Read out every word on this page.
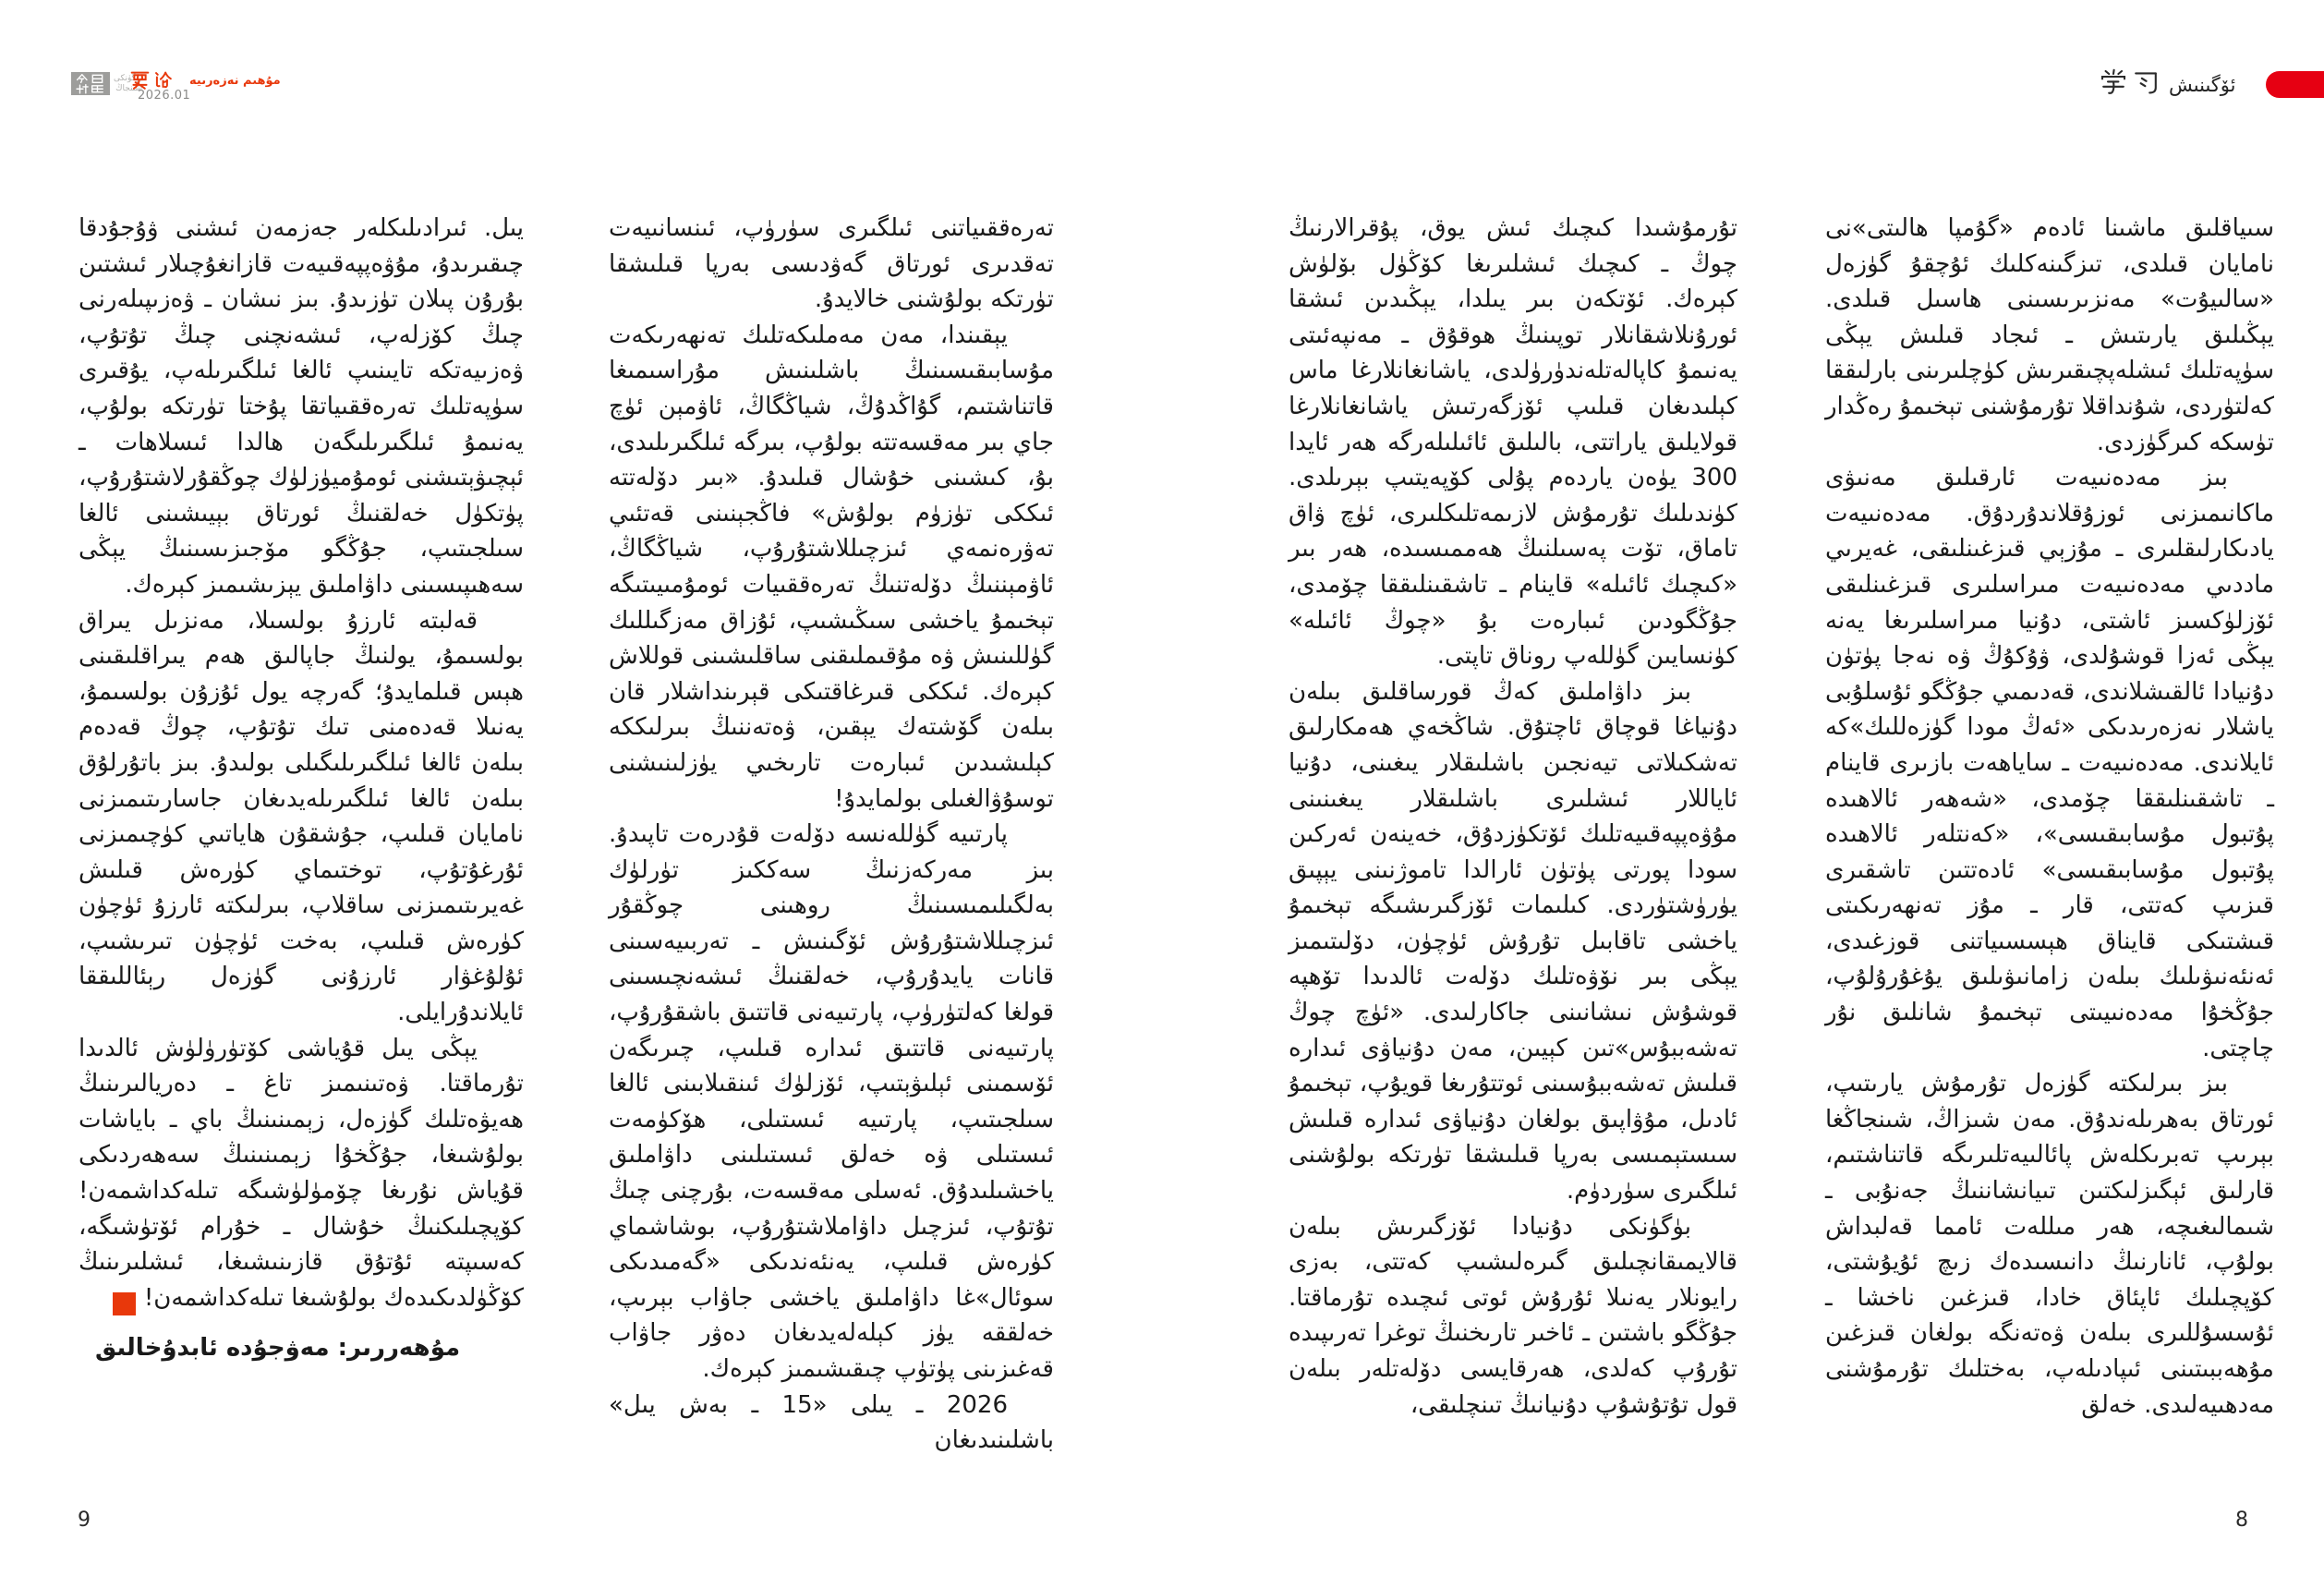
بۈگۈنكى
شىنجاڭ
2026.01
مۇھىم نەزەرىيە	ئۆگىنىش

سىياقلىق ماشىنا ئادەم «گۇمپا ھالىتى»نى نامايان قىلدى، تىزگىنەكلىك ئۇچقۇ گۈزەل «سالىيۇت» مەنزىرىسىنى ھاسىل قىلدى. يېڭىلىق يارىتىش ـ ئىجاد قىلىش يېڭى سۈپەتلىك ئىشلەپچىقىرىش كۈچلىرىنى بارلىققا كەلتۈردى، شۇنداقلا تۇرمۇشنى تېخىمۇ رەڭدار تۈسكە كىرگۈزدى.

بىز مەدەنىيەت ئارقىلىق مەنىۋى ماكانىمىزنى ئوزۇقلاندۇردۇق. مەدەنىيەت يادىكارلىقلىرى ـ مۇزېي قىزغىنلىقى، غەيرىي ماددىي مەدەنىيەت مىراسلىرى قىزغىنلىقى ئۆزلۈكسىز ئاشتى، دۇنيا مىراسلىرىغا يەنە يېڭى ئەزا قوشۇلدى، ۋۇكۇڭ ۋە نەجا پۈتۈن دۇنيادا ئالقىشلاندى، قەدىمىي جۇڭگو ئۇسلۇبى ياشلار نەزەرىدىكى «ئەڭ مودا گۈزەللىك»كە ئايلاندى. مەدەنىيەت ـ ساياھەت بازىرى قاينام ـ تاشقىنلىققا چۆمدى، «شەھەر ئالاھىدە پۇتبول مۇسابىقىسى»، «كەنتلەر ئالاھىدە پۇتبول مۇسابىقىسى» ئادەتتىن تاشقىرى قىزىپ كەتتى، قار ـ مۇز تەنھەرىكىتى قىشتىكى قايناق ھېسسىياتنى قوزغىدى، ئەنئەنىۋىلىك بىلەن زامانىۋىلىق يۇغۇرۇلۇپ، جۇڭخۇا مەدەنىيىتى تېخىمۇ شانلىق نۇر چاچتى.

بىز بىرلىكتە گۈزەل تۇرمۇش يارىتىپ، ئورتاق بەھرىلەندۇق. مەن شىزاڭ، شىنجاڭغا بېرىپ تەبرىكلەش پائالىيەتلىرىگە قاتناشتىم، قارلىق ئېگىزلىكتىن تىيانشاننىڭ جەنۇبى ـ شىمالىغىچە، ھەر مىللەت ئامما قەلبداش بولۇپ، ئانارنىڭ دانىسىدەك زىچ ئۇيۇشتى، كۆپچىلىك ئاپئاق خادا، قىزغىن ناخشا ـ ئۇسسۇللىرى بىلەن ۋەتەنگە بولغان قىزغىن مۇھەببىتىنى ئىپادىلەپ، بەختلىك تۇرمۇشنى مەدھىيەلىدى. خەلق

تۇرمۇشىدا كىچىك ئىش يوق، پۇقرالارنىڭ چوڭ ـ كىچىك ئىشلىرىغا كۆڭۈل بۆلۈش كېرەك. ئۆتكەن بىر يىلدا، يېڭىدىن ئىشقا ئورۇنلاشقانلار توپىنىڭ ھوقۇق ـ مەنپەئىتى يەنىمۇ كاپالەتلەندۈرۈلدى، ياشانغانلارغا ماس كېلىدىغان قىلىپ ئۆزگەرتىش ياشانغانلارغا قولايلىق ياراتتى، بالىلىق ئائىلىلەرگە ھەر ئايدا 300 يۈەن ياردەم پۇلى كۆپەيتىپ بېرىلدى. كۈندىلىك تۇرمۇش لازىمەتلىكلىرى، ئۈچ ۋاق تاماق، تۆت پەسىلنىڭ ھەممىسىدە، ھەر بىر «كىچىك ئائىلە» قاينام ـ تاشقىنلىققا چۆمدى، جۇڭگودىن ئىبارەت بۇ «چوڭ ئائىلە» كۈنسايىن گۈللەپ روناق تاپتى.

بىز داۋاملىق كەڭ قورساقلىق بىلەن دۇنياغا قوچاق ئاچتۇق. شاڭخەي ھەمكارلىق تەشكىلاتى تيەنجىن باشلىقلار يىغىنى، دۇنيا ئاياللار ئىشلىرى باشلىقلار يىغىنىنى مۇۋەپپەقىيەتلىك ئۆتكۈزدۇق، خەينەن ئەركىن سودا پورتى پۈتۈن ئارالدا تاموژنىنى يېپىق يۈرۈشتۈردى. كىلىمات ئۆزگىرىشىگە تېخىمۇ ياخشى تاقابىل تۇرۇش ئۈچۈن، دۆلىتىمىز يېڭى بىر نۆۋەتلىك دۆلەت ئالدىدا تۆھپە قوشۇش نىشانىنى جاكارلىدى. «ئۈچ چوڭ تەشەببۇس»تىن كېيىن، مەن دۇنياۋى ئىدارە قىلىش تەشەببۇسىنى ئوتتۇرىغا قويۇپ، تېخىمۇ ئادىل، مۇۋاپىق بولغان دۇنياۋى ئىدارە قىلىش سىستېمىسى بەرپا قىلىشقا تۈرتكە بولۇشنى ئىلگىرى سۈردۈم.

بۈگۈنكى دۇنيادا ئۆزگىرىش بىلەن قالايمىقانچىلىق گىرەلىشىپ كەتتى، بەزى رايونلار يەنىلا ئۇرۇش ئوتى ئىچىدە تۇرماقتا. جۇڭگو باشتىن ـ ئاخىر تارىخنىڭ توغرا تەرىپىدە تۇرۇپ كەلدى، ھەرقايسى دۆلەتلەر بىلەن قول تۇتۇشۇپ دۇنيانىڭ تىنچلىقى،

تەرەققىياتنى ئىلگىرى سۈرۈپ، ئىنسانىيەت تەقدىرى ئورتاق گەۋدىسى بەرپا قىلىشقا تۈرتكە بولۇشنى خالايدۇ.

يېقىندا، مەن مەملىكەتلىك تەنھەرىكەت مۇسابىقىسىنىڭ باشلىنىش مۇراسىمىغا قاتناشتىم، گۇاڭدۇڭ، شياڭگاڭ، ئاۋمېن ئۈچ جاي بىر مەقسەتتە بولۇپ، بىرگە ئىلگىرىلىدى، بۇ، كىشىنى خۇشال قىلىدۇ. «بىر دۆلەتتە ئىككى تۈزۈم بولۇش» فاڭجېنىنى قەتئىي تەۋرەنمەي ئىزچىللاشتۇرۇپ، شياڭگاڭ، ئاۋمېننىڭ دۆلەتنىڭ تەرەققىيات ئومۇمىيىتىگە تېخىمۇ ياخشى سىڭىشىپ، ئۇزاق مەزگىللىك گۈللىنىش ۋە مۇقىملىقنى ساقلىشىنى قوللاش كېرەك. ئىككى قىرغاقتىكى قېرىنداشلار قان بىلەن گۆشتەك يېقىن، ۋەتەننىڭ بىرلىككە كېلىشىدىن ئىبارەت تارىخىي يۈزلىنىشنى توسۇۋالغىلى بولمايدۇ!

پارتىيە گۈللەنسە دۆلەت قۇدرەت تاپىدۇ. بىز مەركەزنىڭ سەككىز تۈرلۈك بەلگىلىمىسىنىڭ روھىنى چوڭقۇر ئىزچىللاشتۇرۇش ئۆگىنىش ـ تەربىيەسىنى قانات يايدۇرۇپ، خەلقنىڭ ئىشەنچىسىنى قولغا كەلتۈرۈپ، پارتىيەنى قاتتىق باشقۇرۇپ، پارتىيەنى قاتتىق ئىدارە قىلىپ، چىرىگەن ئۆسمىنى ئېلىۋېتىپ، ئۆزلۈك ئىنقىلابىنى ئالغا سىلجىتىپ، پارتىيە ئىستىلى، ھۆكۈمەت ئىستىلى ۋە خەلق ئىستىلىنى داۋاملىق ياخشىلىدۇق. ئەسلى مەقسەت، بۇرچنى چىڭ تۇتۇپ، ئىزچىل داۋاملاشتۇرۇپ، بوشاشماي كۈرەش قىلىپ، يەنئەندىكى «گەمىدىكى سوئال»غا داۋاملىق ياخشى جاۋاب بېرىپ، خەلققە يۈز كېلەلەيدىغان دەۋر جاۋاب قەغىزىنى پۈتۈپ چىقىشىمىز كېرەك.

2026 ـ يىلى «15 ـ بەش يىل» باشلىنىدىغان

يىل. ئىرادىلىكلەر جەزمەن ئىشنى ۋۇجۇدقا چىقىرىدۇ، مۇۋەپپەقىيەت قازانغۇچىلار ئىشتىن بۇرۇن پىلان تۈزىدۇ. بىز نىشان ـ ۋەزىپىلەرنى چىڭ كۆزلەپ، ئىشەنچنى چىڭ تۇتۇپ، ۋەزىيەتكە تايىنىپ ئالغا ئىلگىرىلەپ، يۇقىرى سۈپەتلىك تەرەققىياتقا پۇختا تۈرتكە بولۇپ، يەنىمۇ ئىلگىرىلىگەن ھالدا ئىسلاھات ـ ئېچىۋېتىشنى ئومۇميۈزلۈك چوڭقۇرلاشتۇرۇپ، پۈتكۈل خەلقنىڭ ئورتاق بېيىشىنى ئالغا سىلجىتىپ، جۇڭگو مۆجىزىسىنىڭ يېڭى سەھىپىسىنى داۋاملىق يېزىشىمىز كېرەك.

قەلبتە ئارزۇ بولسىلا، مەنزىل يىراق بولسىمۇ، يولنىڭ جاپالىق ھەم يىراقلىقىنى ھېس قىلمايدۇ؛ گەرچە يول ئۇزۇن بولسىمۇ، يەنىلا قەدەمنى تىك تۇتۇپ، چوڭ قەدەم بىلەن ئالغا ئىلگىرىلىگىلى بولىدۇ. بىز باتۇرلۇق بىلەن ئالغا ئىلگىرىلەيدىغان جاسارىتىمىزنى نامايان قىلىپ، جۇشقۇن ھاياتىي كۈچىمىزنى ئۇرغۇتۇپ، توختىماي كۈرەش قىلىش غەيرىتىمىزنى ساقلاپ، بىرلىكتە ئارزۇ ئۈچۈن كۈرەش قىلىپ، بەخت ئۈچۈن تىرىشىپ، ئۇلۇغۋار ئارزۇنى گۈزەل رېئاللىققا ئايلاندۇرايلى.

يېڭى يىل قۇياشى كۆتۈرۈلۈش ئالدىدا تۇرماقتا. ۋەتىنىمىز تاغ ـ دەريالىرىنىڭ ھەيۋەتلىك گۈزەل، زېمىنىنىڭ باي ـ باياشات بولۇشىغا، جۇڭخۇا زېمىنىنىڭ سەھەردىكى قۇياش نۇرىغا چۆمۈلۈشىگە تىلەكداشمەن! كۆپچىلىكنىڭ خۇشال ـ خۇرام ئۆتۈشىگە، كەسىپتە ئۇتۇق قازىنىشىغا، ئىشلىرىنىڭ كۆڭۈلدىكىدەك بولۇشىغا تىلەكداشمەن!ر

مۇھەررىر: مەۋجۇدە ئابدۇخالىق
9	8
